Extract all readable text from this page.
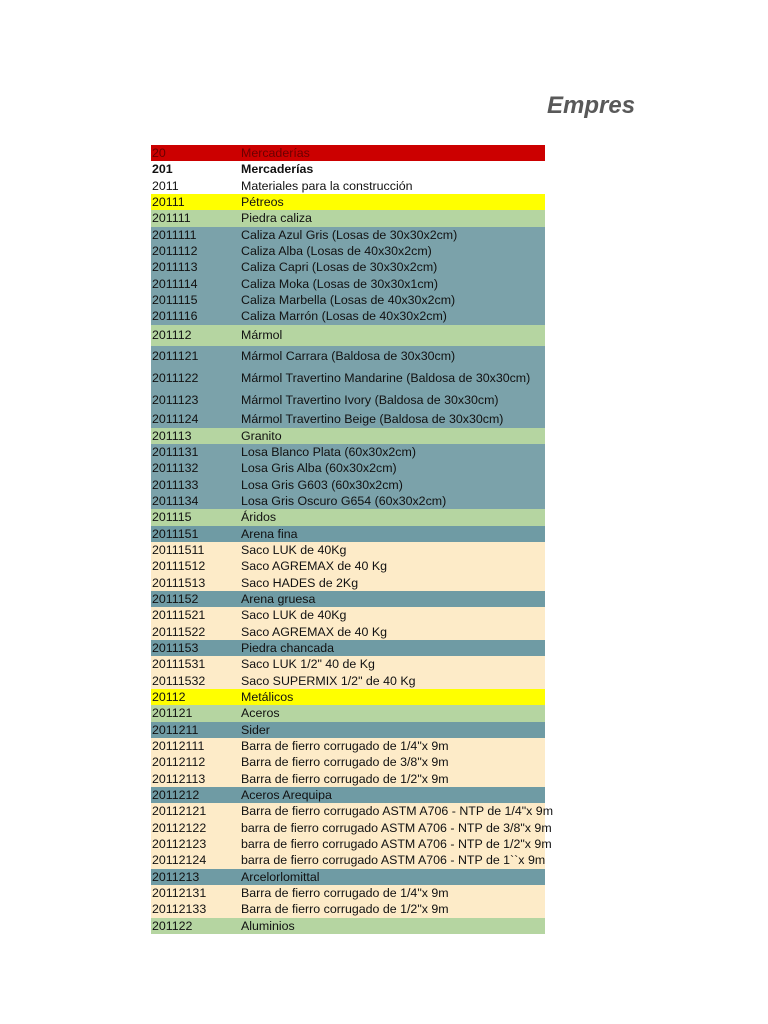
Empres
20	Mercaderías
201	Mercaderías
2011	Materiales para la construcción
20111	Pétreos
201111	Piedra caliza
2011111	Caliza Azul Gris (Losas de 30x30x2cm)
2011112	Caliza Alba (Losas de 40x30x2cm)
2011113	Caliza Capri (Losas de 30x30x2cm)
2011114	Caliza Moka (Losas de 30x30x1cm)
2011115	Caliza Marbella (Losas de 40x30x2cm)
2011116	Caliza Marrón (Losas de 40x30x2cm)
201112	Mármol
2011121	Mármol Carrara (Baldosa de 30x30cm)
2011122	Mármol Travertino Mandarine (Baldosa de 30x30cm)
2011123	Mármol Travertino Ivory (Baldosa de 30x30cm)
2011124	Mármol Travertino Beige (Baldosa de 30x30cm)
201113	Granito
2011131	Losa Blanco Plata (60x30x2cm)
2011132	Losa Gris Alba (60x30x2cm)
2011133	Losa Gris G603 (60x30x2cm)
2011134	Losa Gris Oscuro G654 (60x30x2cm)
201115	Áridos
2011151	Arena fina
20111511	Saco LUK de 40Kg
20111512	Saco AGREMAX de 40 Kg
20111513	Saco HADES de 2Kg
2011152	Arena gruesa
20111521	Saco LUK de 40Kg
20111522	Saco AGREMAX de 40 Kg
2011153	Piedra chancada
20111531	Saco LUK 1/2" 40 de Kg
20111532	Saco SUPERMIX 1/2" de 40 Kg
20112	Metálicos
201121	Aceros
2011211	Sider
20112111	Barra de fierro corrugado de 1/4"x 9m
20112112	Barra de fierro corrugado de 3/8"x 9m
20112113	Barra de fierro corrugado de 1/2"x 9m
2011212	Aceros Arequipa
20112121	Barra de fierro corrugado ASTM A706 - NTP de 1/4"x 9m
20112122	barra de fierro corrugado ASTM A706 - NTP de 3/8"x 9m
20112123	barra de fierro corrugado ASTM A706 - NTP de 1/2"x 9m
20112124	barra de fierro corrugado ASTM A706 - NTP de 1``x 9m
2011213	Arcelorlomittal
20112131	Barra de fierro corrugado de 1/4"x 9m
20112133	Barra de fierro corrugado de 1/2"x 9m
201122	Aluminios
